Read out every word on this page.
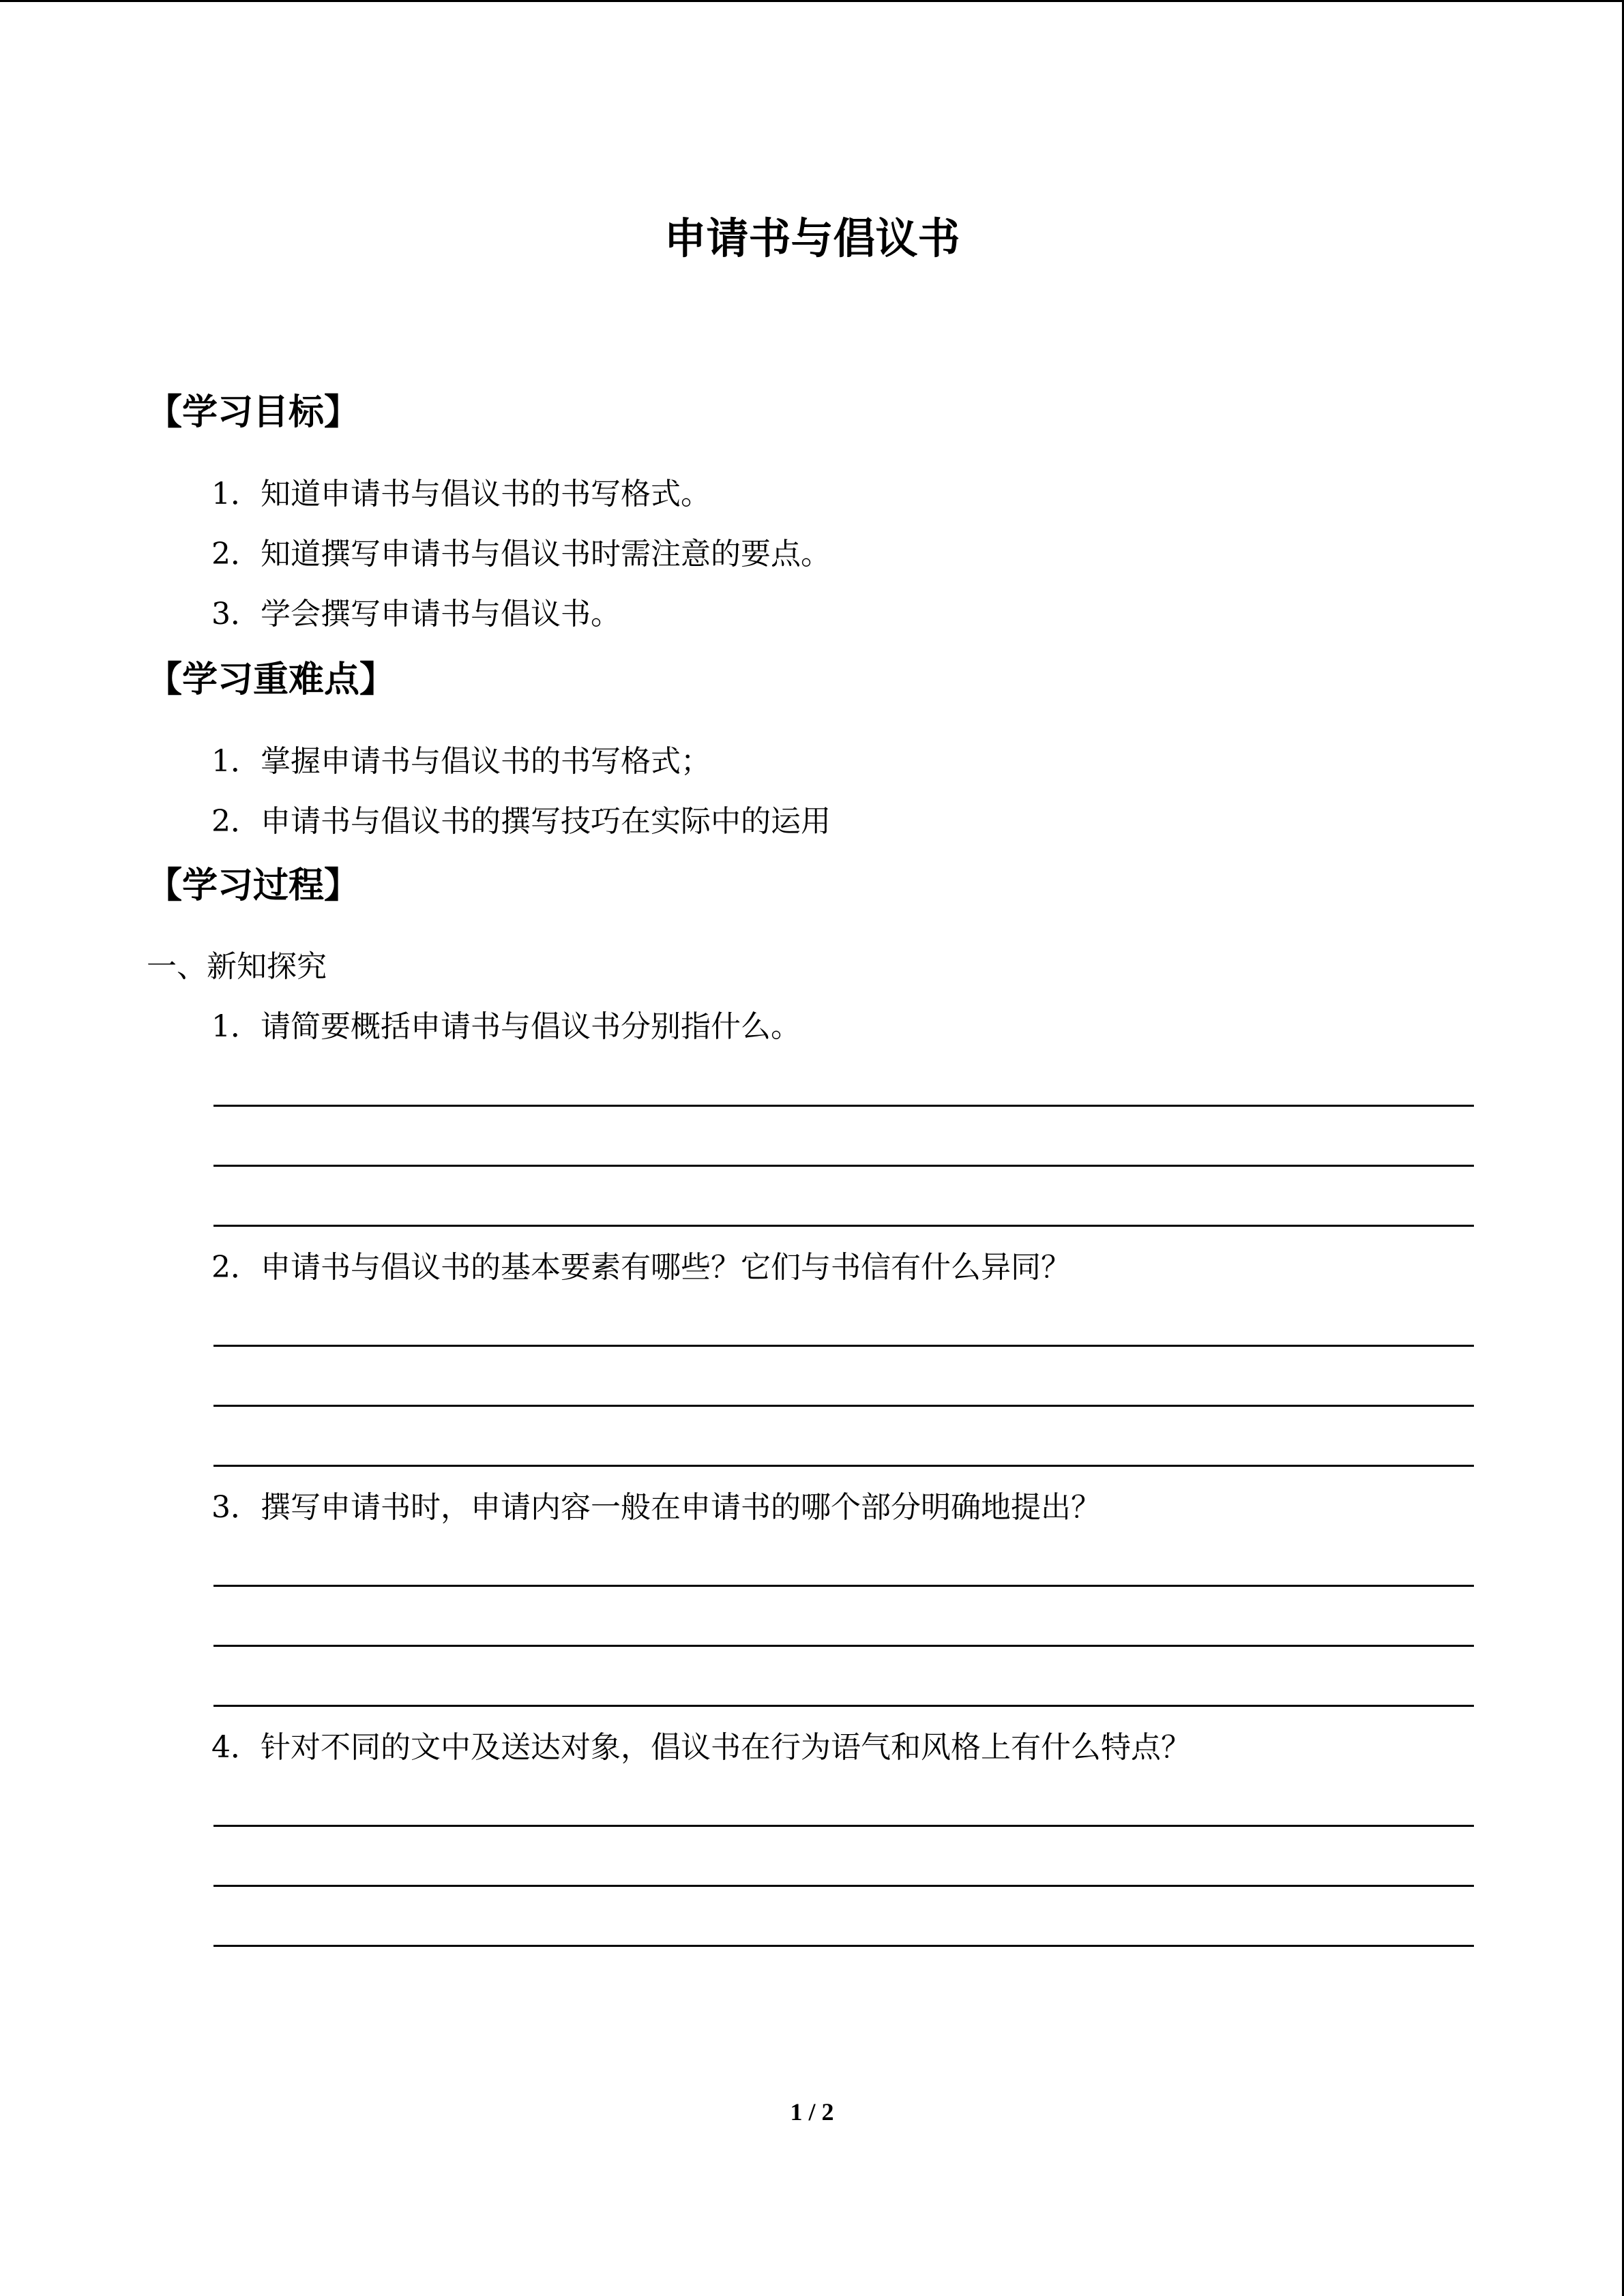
申请书与倡议书
【学习目标】
1．知道申请书与倡议书的书写格式。
2．知道撰写申请书与倡议书时需注意的要点。
3．学会撰写申请书与倡议书。
【学习重难点】
1．掌握申请书与倡议书的书写格式；
2．申请书与倡议书的撰写技巧在实际中的运用
【学习过程】
一、新知探究
1．请简要概括申请书与倡议书分别指什么。
2．申请书与倡议书的基本要素有哪些？它们与书信有什么异同？
3．撰写申请书时，申请内容一般在申请书的哪个部分明确地提出？
4．针对不同的文中及送达对象，倡议书在行为语气和风格上有什么特点？
1 / 2
